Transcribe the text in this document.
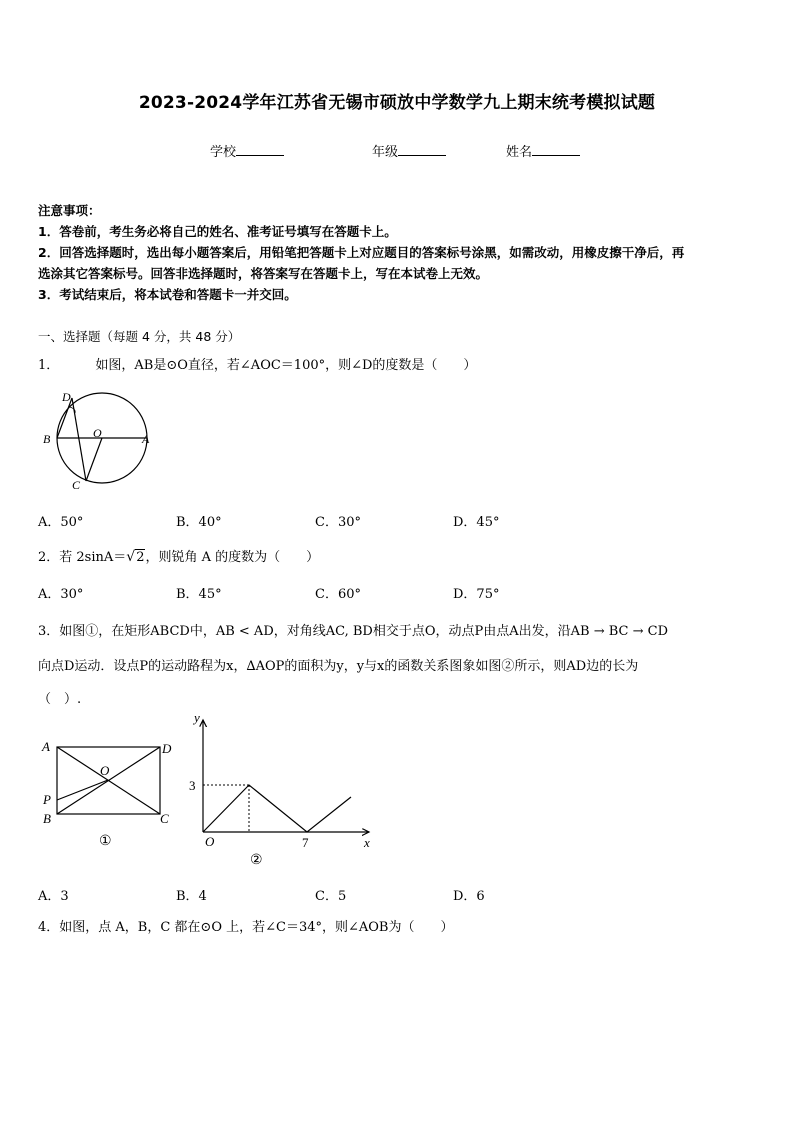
2023-2024学年江苏省无锡市硕放中学数学九上期末统考模拟试题
学校	年级	姓名
注意事项：
1．答卷前，考生务必将自己的姓名、准考证号填写在答题卡上。
2．回答选择题时，选出每小题答案后，用铅笔把答题卡上对应题目的答案标号涂黑，如需改动，用橡皮擦干净后，再
选涂其它答案标号。回答非选择题时，将答案写在答题卡上，写在本试卷上无效。
3．考试结束后，将本试卷和答题卡一并交回。
一、选择题（每题 4 分，共 48 分）
1．	如图，AB是⊙O直径，若∠AOC＝100°，则∠D的度数是（　　）
D
B	O	A
C
A．50°	B．40°	C．30°	D．45°
2．若 2sinA＝√2，则锐角 A 的度数为（　　）
A．30°	B．45°	C．60°	D．75°
3．如图①，在矩形ABCD中，AB < AD，对角线AC, BD相交于点O，动点P由点A出发，沿AB → BC → CD
向点D运动．设点P的运动路程为x，∆AOP的面积为y，y与x的函数关系图象如图②所示，则AD边的长为
（　）.
A	D
O
P
B	C
①
y
3
O	7	x
②
A．3	B．4	C．5	D．6
4．如图，点 A，B，C 都在⊙O 上，若∠C＝34°，则∠AOB为（　　）
